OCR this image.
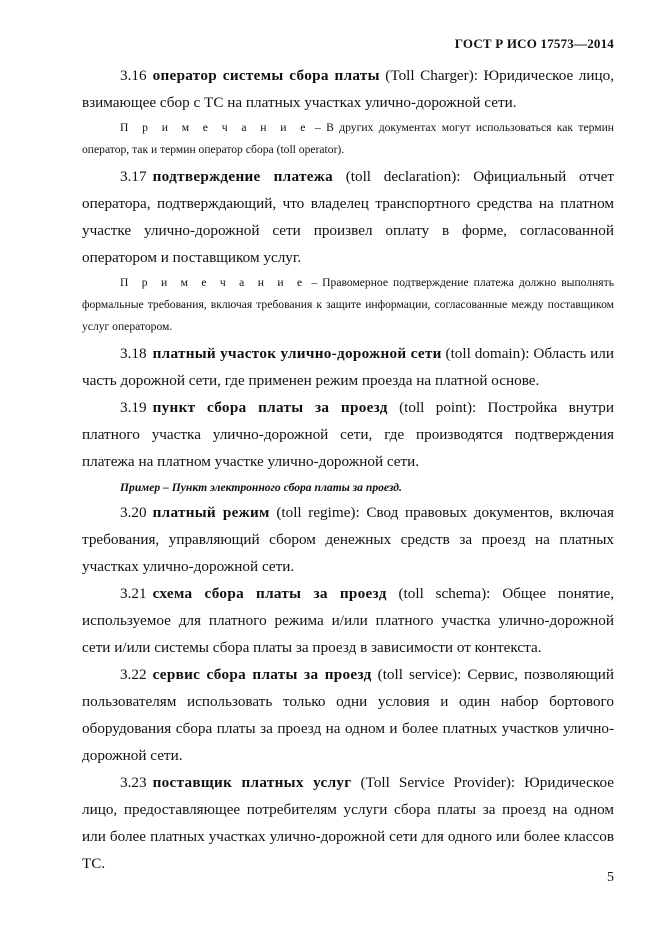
ГОСТ Р ИСО 17573—2014

3.16 оператор системы сбора платы (Toll Charger): Юридическое лицо, взимающее сбор с ТС на платных участках улично-дорожной сети.

П р и м е ч а н и е – В других документах могут использоваться как термин оператор, так и термин оператор сбора (toll operator).

3.17 подтверждение платежа (toll declaration): Официальный отчет оператора, подтверждающий, что владелец транспортного средства на платном участке улично-дорожной сети произвел оплату в форме, согласованной оператором и поставщиком услуг.

П р и м е ч а н и е – Правомерное подтверждение платежа должно выполнять формальные требования, включая требования к защите информации, согласованные между поставщиком услуг оператором.

3.18 платный участок улично-дорожной сети (toll domain): Область или часть дорожной сети, где применен режим проезда на платной основе.

3.19 пункт сбора платы за проезд (toll point): Постройка внутри платного участка улично-дорожной сети, где производятся подтверждения платежа на платном участке улично-дорожной сети.

Пример – Пункт электронного сбора платы за проезд.

3.20 платный режим (toll regime): Свод правовых документов, включая требования, управляющий сбором денежных средств за проезд на платных участках улично-дорожной сети.

3.21 схема сбора платы за проезд (toll schema): Общее понятие, используемое для платного режима и/или платного участка улично-дорожной сети и/или системы сбора платы за проезд в зависимости от контекста.

3.22 сервис сбора платы за проезд (toll service): Сервис, позволяющий пользователям использовать только одни условия и один набор бортового оборудования сбора платы за проезд на одном и более платных участков улично-дорожной сети.

3.23 поставщик платных услуг (Toll Service Provider): Юридическое лицо, предоставляющее потребителям услуги сбора платы за проезд на одном или более платных участках улично-дорожной сети для одного или более классов ТС.

5
